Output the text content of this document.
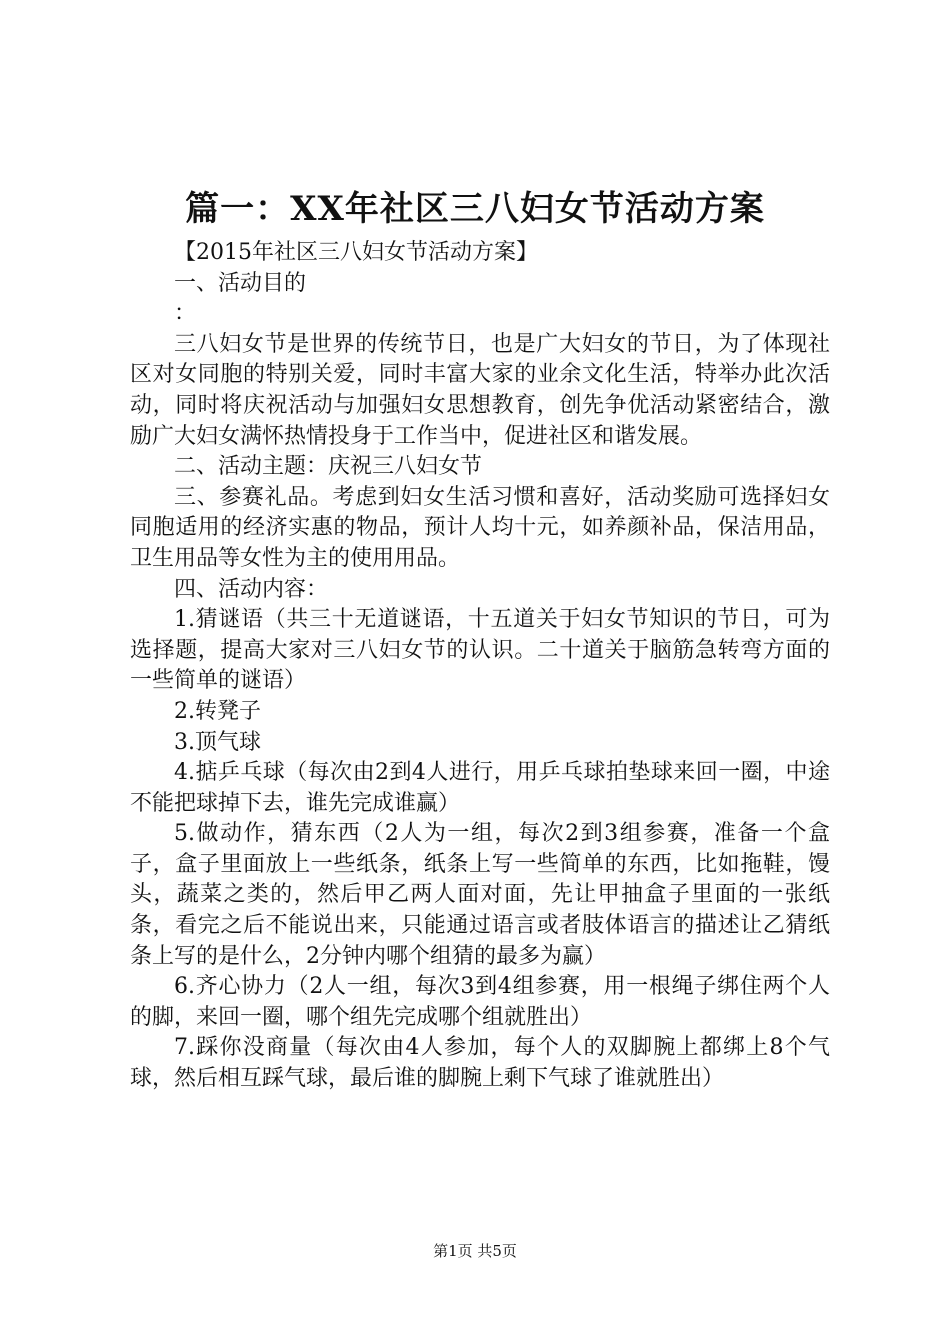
篇一：XX年社区三八妇女节活动方案

【2015年社区三八妇女节活动方案】

一、活动目的

：

三八妇女节是世界的传统节日，也是广大妇女的节日，为了体现社区对女同胞的特别关爱，同时丰富大家的业余文化生活，特举办此次活动，同时将庆祝活动与加强妇女思想教育，创先争优活动紧密结合，激励广大妇女满怀热情投身于工作当中，促进社区和谐发展。

二、活动主题：庆祝三八妇女节

三、参赛礼品。考虑到妇女生活习惯和喜好，活动奖励可选择妇女同胞适用的经济实惠的物品，预计人均十元，如养颜补品，保洁用品，卫生用品等女性为主的使用用品。

四、活动内容：

1.猜谜语（共三十无道谜语，十五道关于妇女节知识的节日，可为选择题，提高大家对三八妇女节的认识。二十道关于脑筋急转弯方面的一些简单的谜语）

2.转凳子

3.顶气球

4.掂乒乓球（每次由2到4人进行，用乒乓球拍垫球来回一圈，中途不能把球掉下去，谁先完成谁赢）

5.做动作，猜东西（2人为一组，每次2到3组参赛，准备一个盒子，盒子里面放上一些纸条，纸条上写一些简单的东西，比如拖鞋，馒头，蔬菜之类的，然后甲乙两人面对面，先让甲抽盒子里面的一张纸条，看完之后不能说出来，只能通过语言或者肢体语言的描述让乙猜纸条上写的是什么，2分钟内哪个组猜的最多为赢）

6.齐心协力（2人一组，每次3到4组参赛，用一根绳子绑住两个人的脚，来回一圈，哪个组先完成哪个组就胜出）

7.踩你没商量（每次由4人参加，每个人的双脚腕上都绑上8个气球，然后相互踩气球，最后谁的脚腕上剩下气球了谁就胜出）

第1页 共5页
